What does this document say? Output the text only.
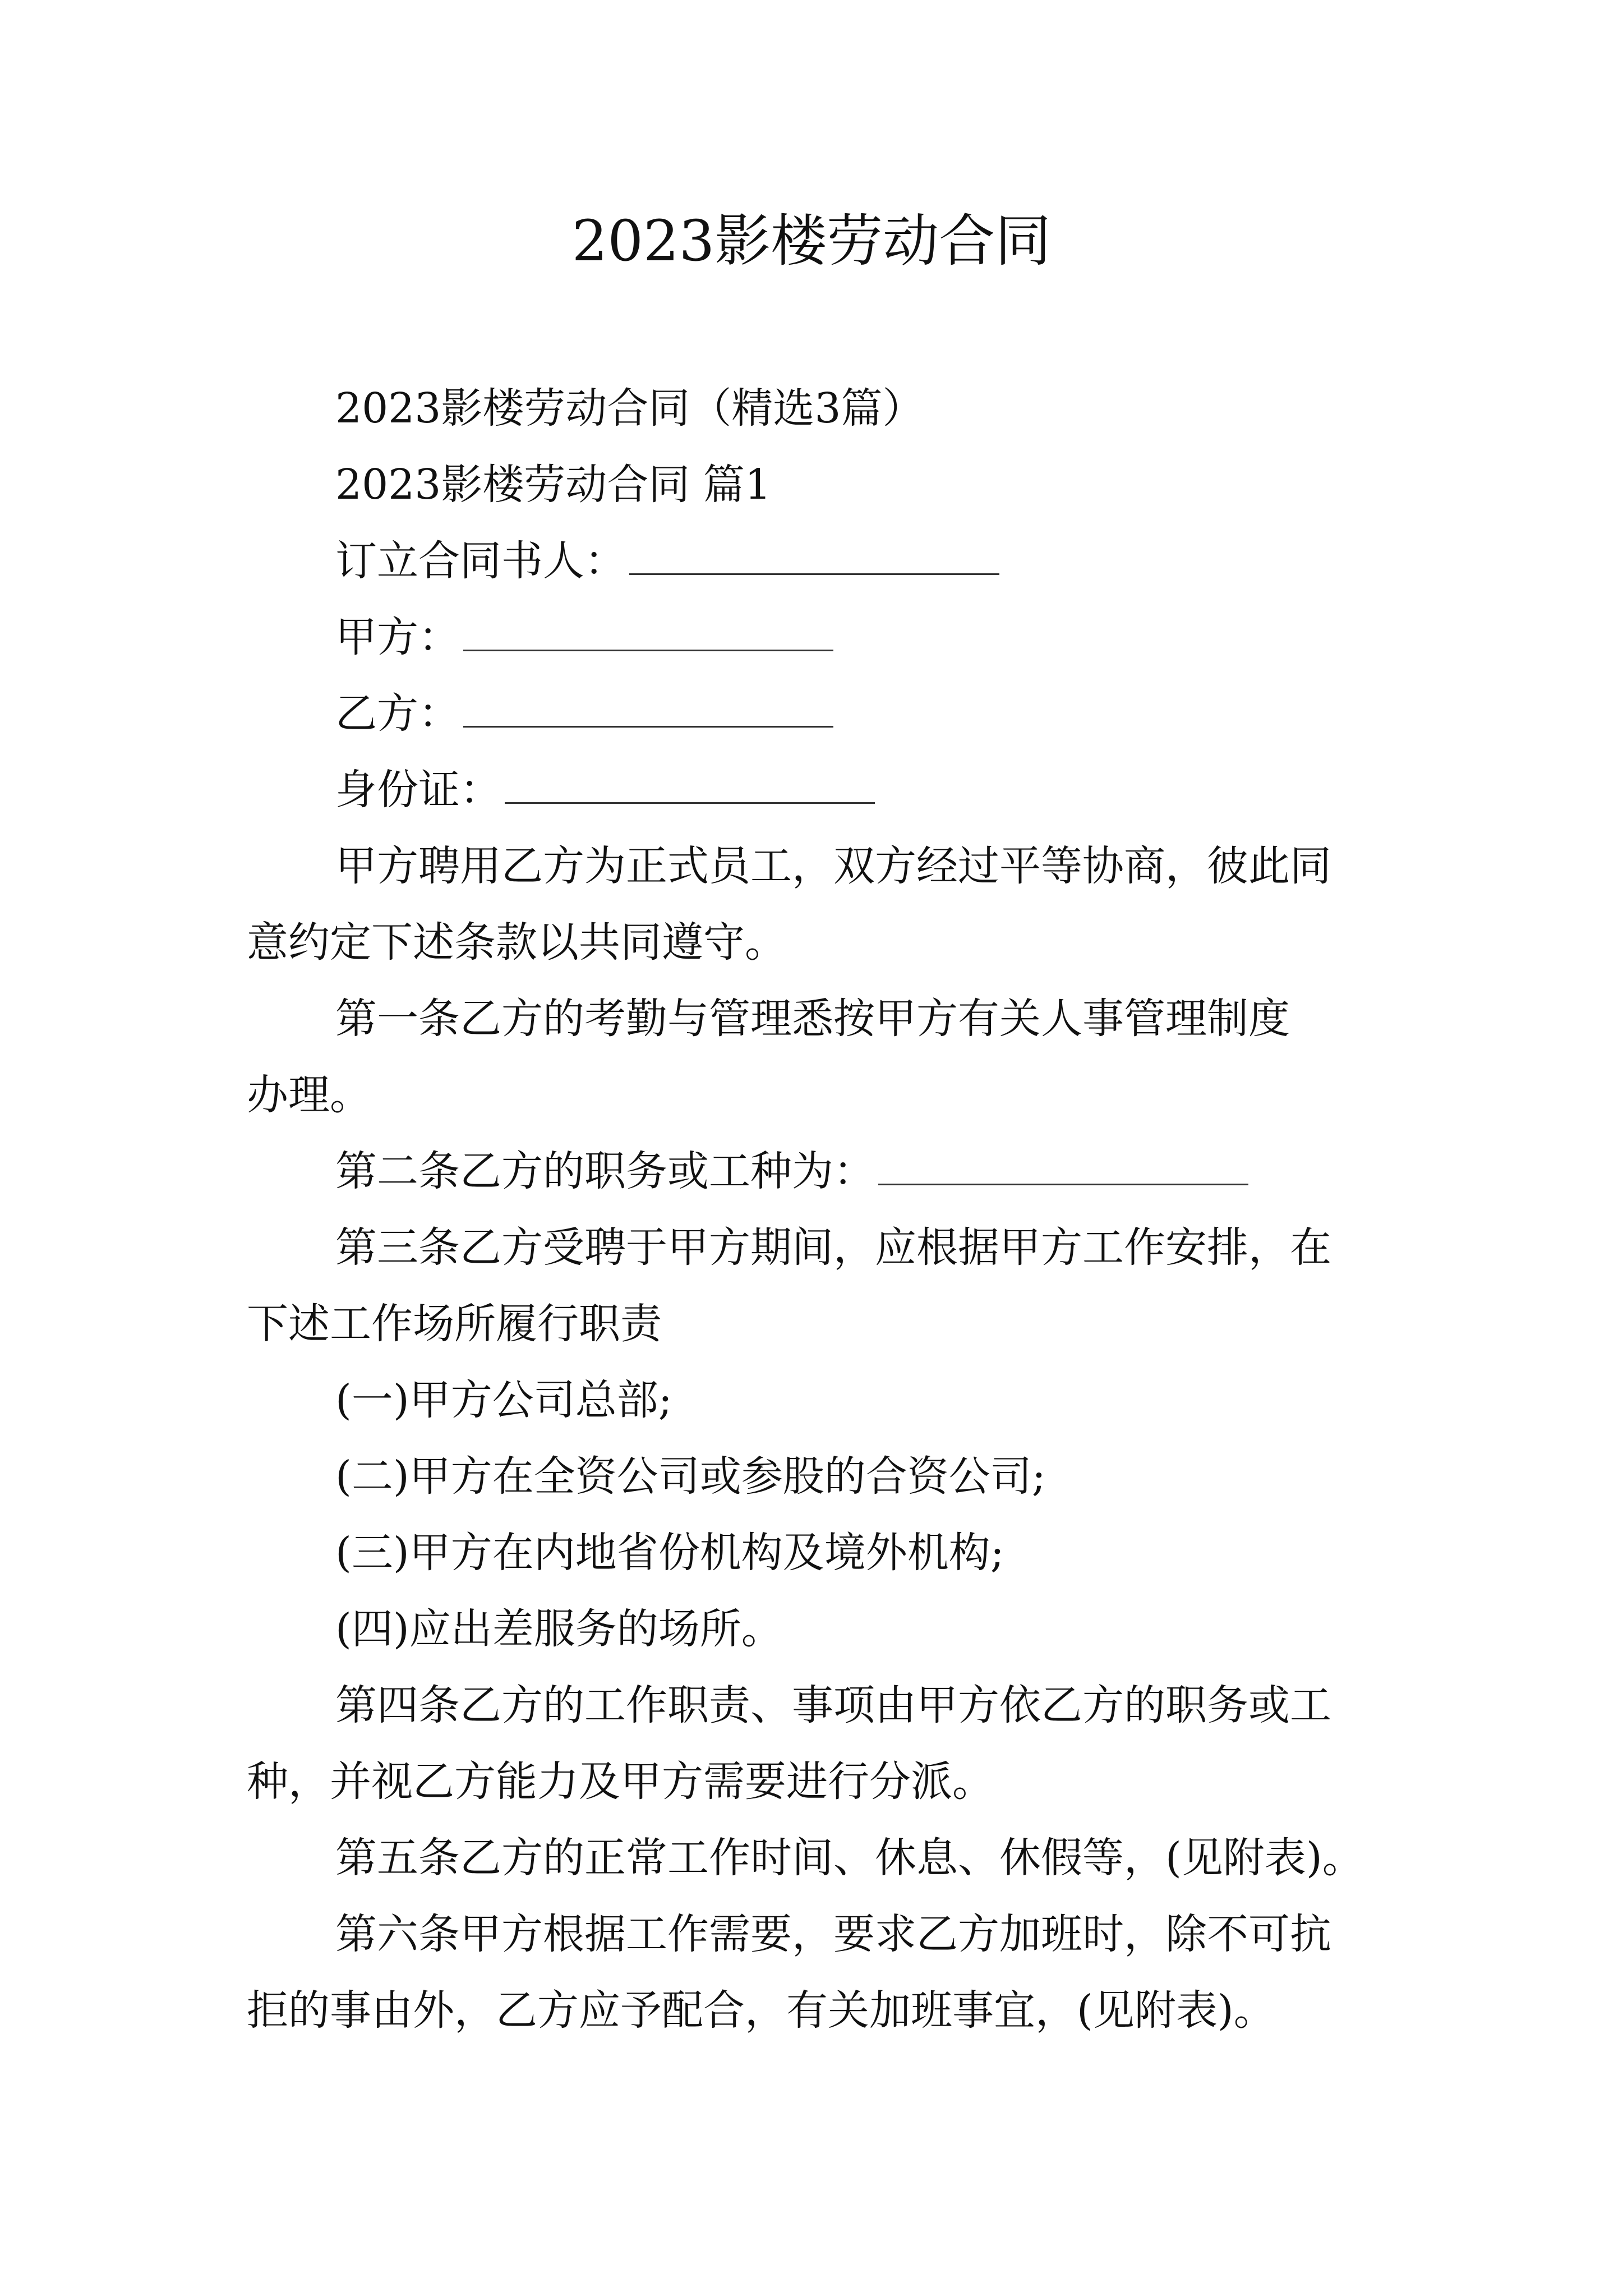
2023影楼劳动合同
2023影楼劳动合同（精选3篇）
2023影楼劳动合同 篇1
订立合同书人：
甲方：
乙方：
身份证：
甲方聘用乙方为正式员工，双方经过平等协商，彼此同
意约定下述条款以共同遵守。
第一条乙方的考勤与管理悉按甲方有关人事管理制度
办理。
第二条乙方的职务或工种为：
第三条乙方受聘于甲方期间，应根据甲方工作安排，在
下述工作场所履行职责
(一)甲方公司总部;
(二)甲方在全资公司或参股的合资公司;
(三)甲方在内地省份机构及境外机构;
(四)应出差服务的场所。
第四条乙方的工作职责、事项由甲方依乙方的职务或工
种，并视乙方能力及甲方需要进行分派。
第五条乙方的正常工作时间、休息、休假等，(见附表)。
第六条甲方根据工作需要，要求乙方加班时，除不可抗
拒的事由外，乙方应予配合，有关加班事宜，(见附表)。
